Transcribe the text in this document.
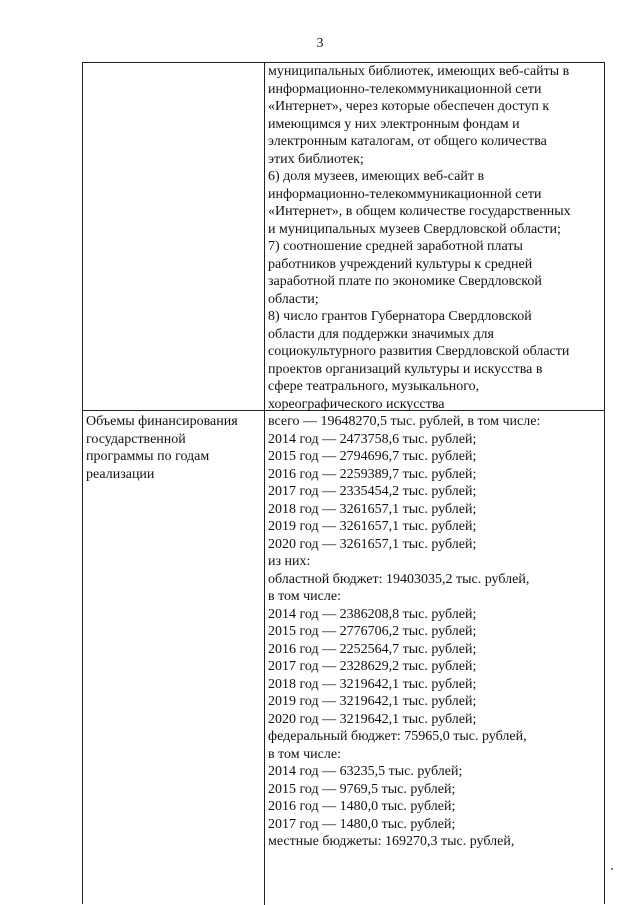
3
муниципальных библиотек, имеющих веб-сайты в
информационно-телекоммуникационной сети
«Интернет», через которые обеспечен доступ к
имеющимся у них электронным фондам и
электронным каталогам, от общего количества
этих библиотек;
6) доля музеев, имеющих веб-сайт в
информационно-телекоммуникационной сети
«Интернет», в общем количестве государственных
и муниципальных музеев Свердловской области;
7) соотношение средней заработной платы
работников учреждений культуры к средней
заработной плате по экономике Свердловской
области;
8) число грантов Губернатора Свердловской
области для поддержки значимых для
социокультурного развития Свердловской области
проектов организаций культуры и искусства в
сфере театрального, музыкального,
хореографического искусства
Объемы финансирования
государственной
программы по годам
реализации
всего — 19648270,5 тыс. рублей, в том числе:
2014 год — 2473758,6 тыс. рублей;
2015 год — 2794696,7 тыс. рублей;
2016 год — 2259389,7 тыс. рублей;
2017 год — 2335454,2 тыс. рублей;
2018 год — 3261657,1 тыс. рублей;
2019 год — 3261657,1 тыс. рублей;
2020 год — 3261657,1 тыс. рублей;
из них:
областной бюджет: 19403035,2 тыс. рублей,
в том числе:
2014 год — 2386208,8 тыс. рублей;
2015 год — 2776706,2 тыс. рублей;
2016 год — 2252564,7 тыс. рублей;
2017 год — 2328629,2 тыс. рублей;
2018 год — 3219642,1 тыс. рублей;
2019 год — 3219642,1 тыс. рублей;
2020 год — 3219642,1 тыс. рублей;
федеральный бюджет: 75965,0 тыс. рублей,
в том числе:
2014 год — 63235,5 тыс. рублей;
2015 год — 9769,5 тыс. рублей;
2016 год — 1480,0 тыс. рублей;
2017 год — 1480,0 тыс. рублей;
местные бюджеты: 169270,3 тыс. рублей,
